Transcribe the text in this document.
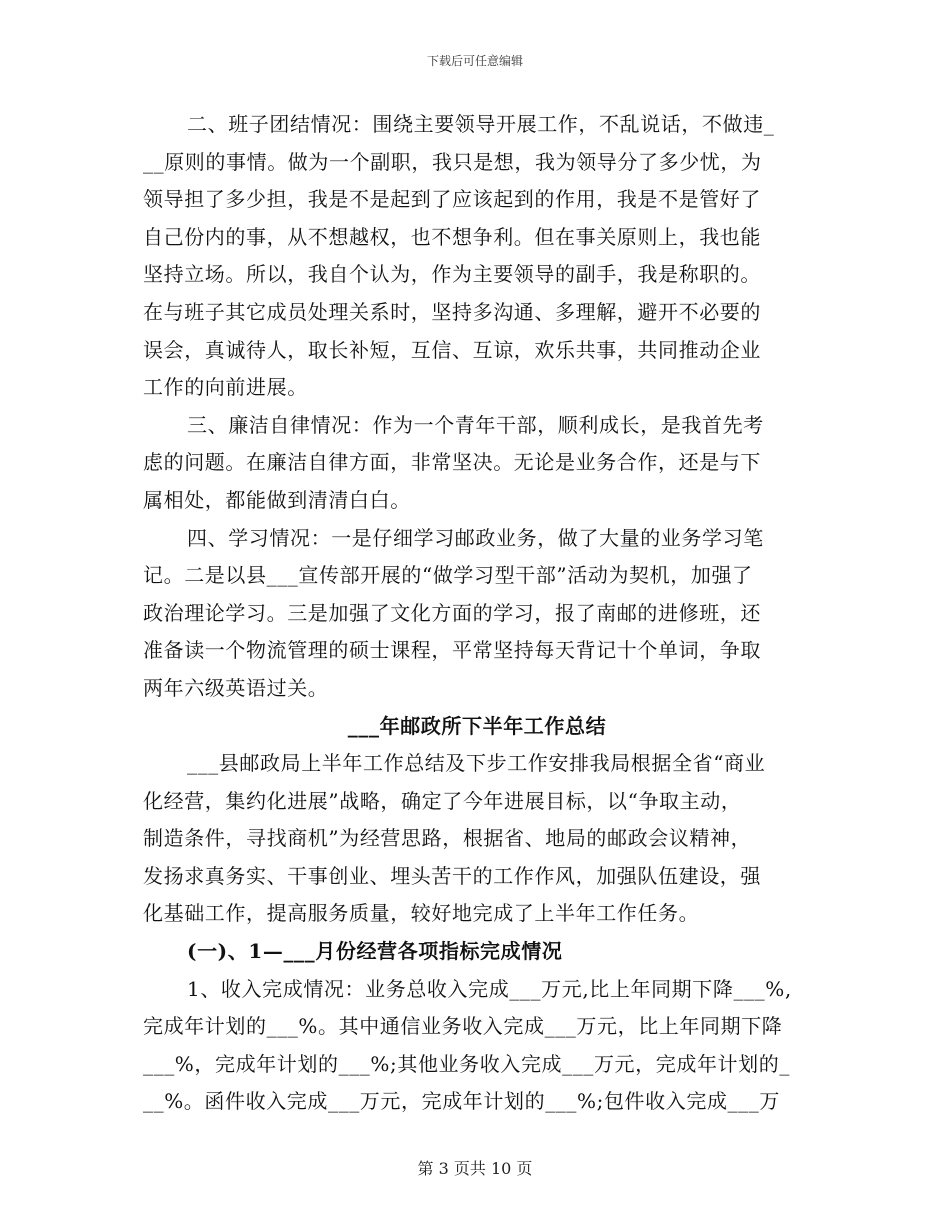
下载后可任意编辑
二、班子团结情况：围绕主要领导开展工作，不乱说话，不做违_
__原则的事情。做为一个副职，我只是想，我为领导分了多少忧，为
领导担了多少担，我是不是起到了应该起到的作用，我是不是管好了
自己份内的事，从不想越权，也不想争利。但在事关原则上，我也能
坚持立场。所以，我自个认为，作为主要领导的副手，我是称职的。
在与班子其它成员处理关系时，坚持多沟通、多理解，避开不必要的
误会，真诚待人，取长补短，互信、互谅，欢乐共事，共同推动企业
工作的向前进展。
三、廉洁自律情况：作为一个青年干部，顺利成长，是我首先考
虑的问题。在廉洁自律方面，非常坚决。无论是业务合作，还是与下
属相处，都能做到清清白白。
四、学习情况：一是仔细学习邮政业务，做了大量的业务学习笔
记。二是以县___宣传部开展的“做学习型干部”活动为契机，加强了
政治理论学习。三是加强了文化方面的学习，报了南邮的进修班，还
准备读一个物流管理的硕士课程，平常坚持每天背记十个单词，争取
两年六级英语过关。
___年邮政所下半年工作总结
___县邮政局上半年工作总结及下步工作安排我局根据全省“商业
化经营，集约化进展”战略，确定了今年进展目标，以“争取主动，
制造条件，寻找商机”为经营思路，根据省、地局的邮政会议精神，
发扬求真务实、干事创业、埋头苦干的工作作风，加强队伍建设，强
化基础工作，提高服务质量，较好地完成了上半年工作任务。
(一)、1—___月份经营各项指标完成情况
1、收入完成情况：业务总收入完成___万元,比上年同期下降___%,
完成年计划的___%。其中通信业务收入完成___万元，比上年同期下降
___%，完成年计划的___%;其他业务收入完成___万元，完成年计划的_
__%。函件收入完成___万元，完成年计划的___%;包件收入完成___万
第 3 页共 10 页
